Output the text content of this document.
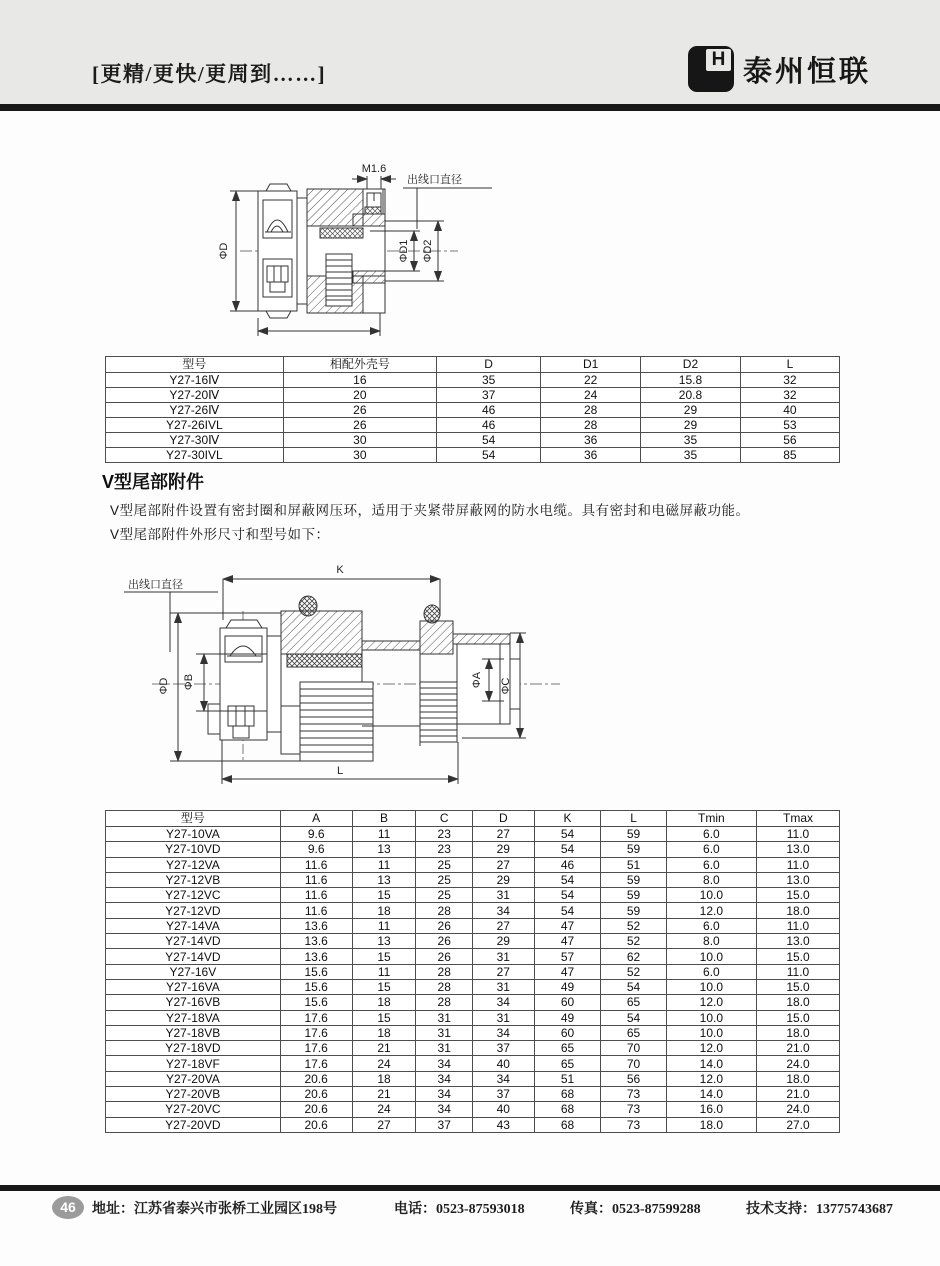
[更精/更快/更周到……]
H 泰州恒联
M1.6
出线口直径
ΦD	ΦD1 ΦD2
型号	相配外壳号	D	D1	D2	L
Y27-16Ⅳ	16	35	22	15.8	32
Y27-20Ⅳ	20	37	24	20.8	32
Y27-26Ⅳ	26	46	28	29	40
Y27-26IVL	26	46	28	29	53
Y27-30Ⅳ	30	54	36	35	56
Y27-30IVL	30	54	36	35	85
V型尾部附件
V型尾部附件设置有密封圈和屏蔽网压环，适用于夹紧带屏蔽网的防水电缆。具有密封和电磁屏蔽功能。
V型尾部附件外形尺寸和型号如下：
K
出线口直径
ΦD ΦB	ΦA ΦC
L
型号	A	B	C	D	K	L	Tmin	Tmax
Y27-10VA	9.6	11	23	27	54	59	6.0	11.0
Y27-10VD	9.6	13	23	29	54	59	6.0	13.0
Y27-12VA	11.6	11	25	27	46	51	6.0	11.0
Y27-12VB	11.6	13	25	29	54	59	8.0	13.0
Y27-12VC	11.6	15	25	31	54	59	10.0	15.0
Y27-12VD	11.6	18	28	34	54	59	12.0	18.0
Y27-14VA	13.6	11	26	27	47	52	6.0	11.0
Y27-14VD	13.6	13	26	29	47	52	8.0	13.0
Y27-14VD	13.6	15	26	31	57	62	10.0	15.0
Y27-16V	15.6	11	28	27	47	52	6.0	11.0
Y27-16VA	15.6	15	28	31	49	54	10.0	15.0
Y27-16VB	15.6	18	28	34	60	65	12.0	18.0
Y27-18VA	17.6	15	31	31	49	54	10.0	15.0
Y27-18VB	17.6	18	31	34	60	65	10.0	18.0
Y27-18VD	17.6	21	31	37	65	70	12.0	21.0
Y27-18VF	17.6	24	34	40	65	70	14.0	24.0
Y27-20VA	20.6	18	34	34	51	56	12.0	18.0
Y27-20VB	20.6	21	34	37	68	73	14.0	21.0
Y27-20VC	20.6	24	34	40	68	73	16.0	24.0
Y27-20VD	20.6	27	37	43	68	73	18.0	27.0
46	地址：江苏省泰兴市张桥工业园区198号	电话：0523-87593018	传真：0523-87599288	技术支持：13775743687
